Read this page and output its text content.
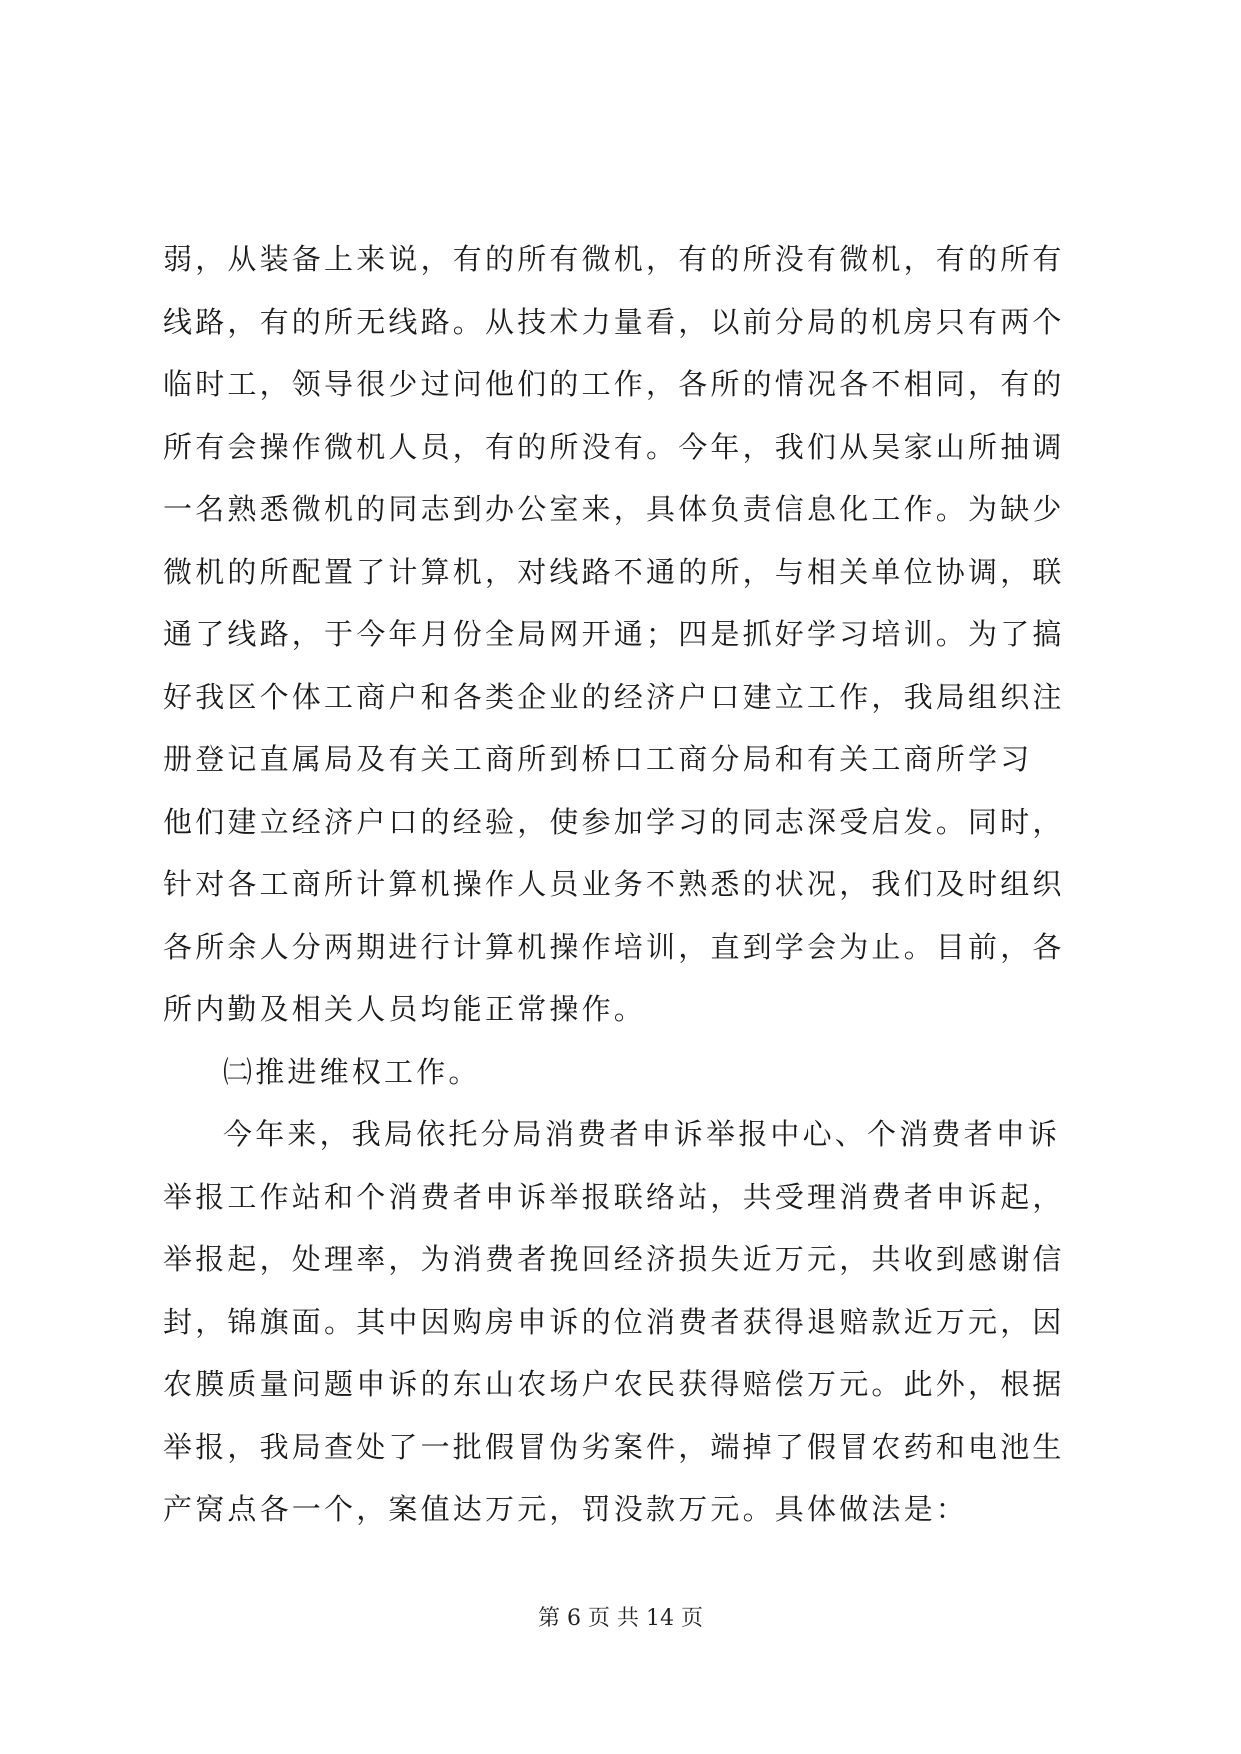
弱，从装备上来说，有的所有微机，有的所没有微机，有的所有
线路，有的所无线路。从技术力量看，以前分局的机房只有两个
临时工，领导很少过问他们的工作，各所的情况各不相同，有的
所有会操作微机人员，有的所没有。今年，我们从吴家山所抽调
一名熟悉微机的同志到办公室来，具体负责信息化工作。为缺少
微机的所配置了计算机，对线路不通的所，与相关单位协调，联
通了线路，于今年月份全局网开通；四是抓好学习培训。为了搞
好我区个体工商户和各类企业的经济户口建立工作，我局组织注
册登记直属局及有关工商所到桥口工商分局和有关工商所学习
他们建立经济户口的经验，使参加学习的同志深受启发。同时，
针对各工商所计算机操作人员业务不熟悉的状况，我们及时组织
各所余人分两期进行计算机操作培训，直到学会为止。目前，各
所内勤及相关人员均能正常操作。
㈡推进维权工作。
今年来，我局依托分局消费者申诉举报中心、个消费者申诉
举报工作站和个消费者申诉举报联络站，共受理消费者申诉起，
举报起，处理率，为消费者挽回经济损失近万元，共收到感谢信
封，锦旗面。其中因购房申诉的位消费者获得退赔款近万元，因
农膜质量问题申诉的东山农场户农民获得赔偿万元。此外，根据
举报，我局查处了一批假冒伪劣案件，端掉了假冒农药和电池生
产窝点各一个，案值达万元，罚没款万元。具体做法是：
第 6 页 共 14 页
